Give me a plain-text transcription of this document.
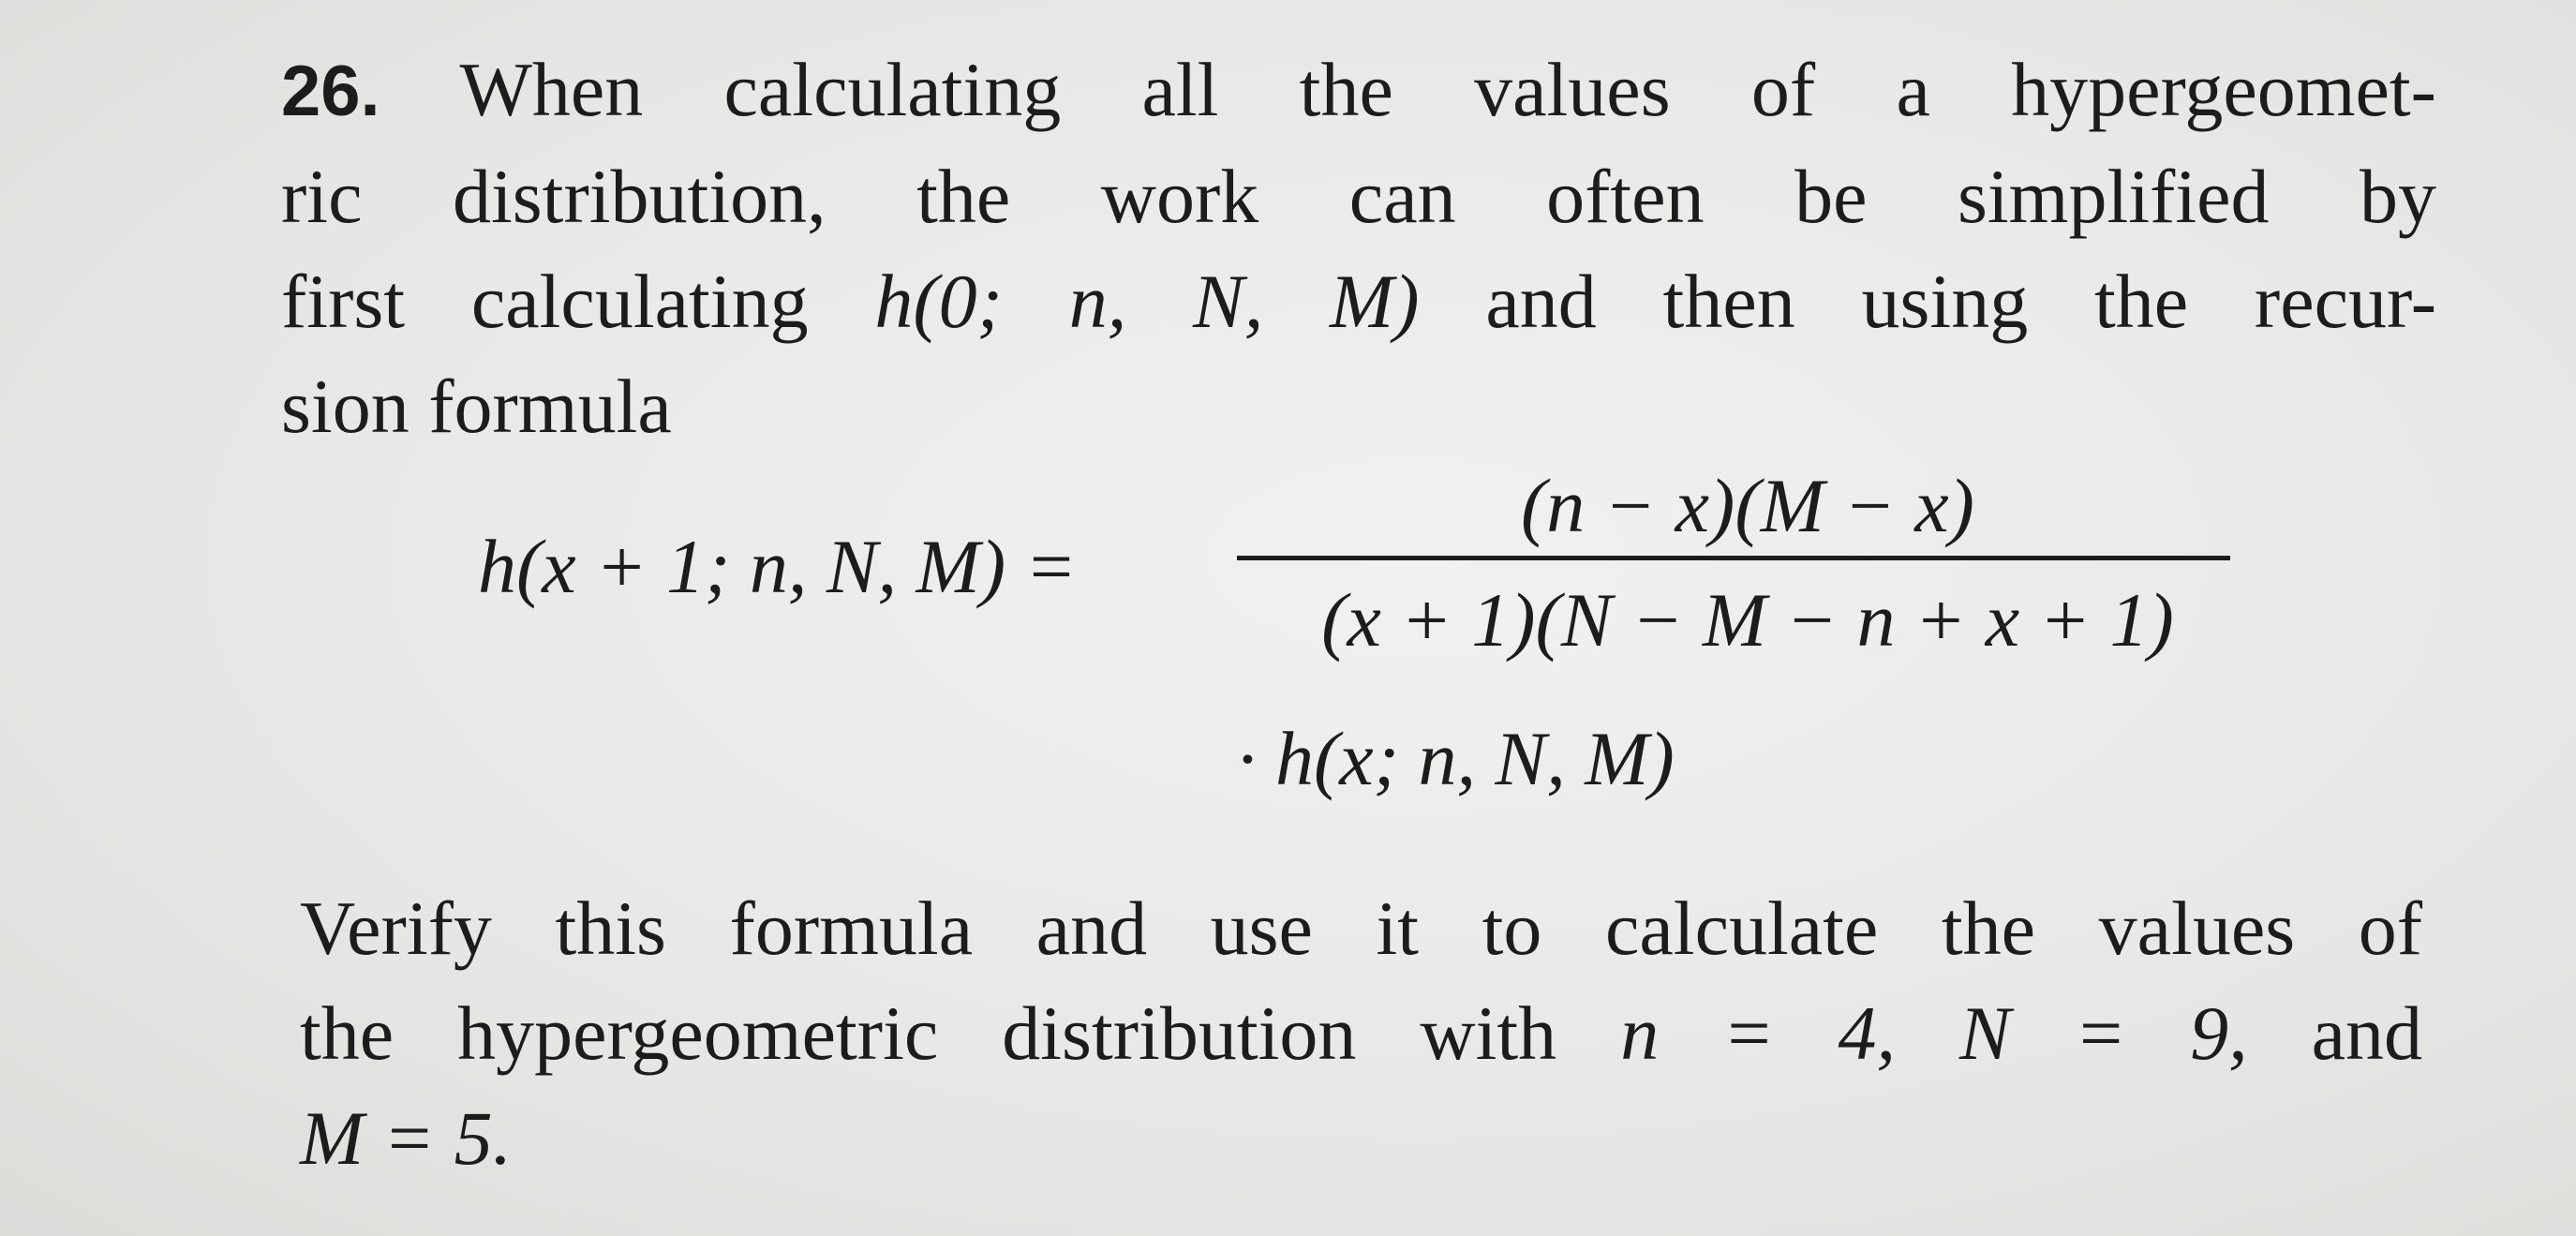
26. When calculating all the values of a hypergeomet-
ric distribution, the work can often be simplified by
first calculating h(0; n, N, M) and then using the recur-
sion formula
h(x + 1; n, N, M) =
(n − x)(M − x)
(x + 1)(N − M − n + x + 1)
· h(x; n, N, M)
Verify this formula and use it to calculate the values of
the hypergeometric distribution with n = 4, N = 9, and
M = 5.
